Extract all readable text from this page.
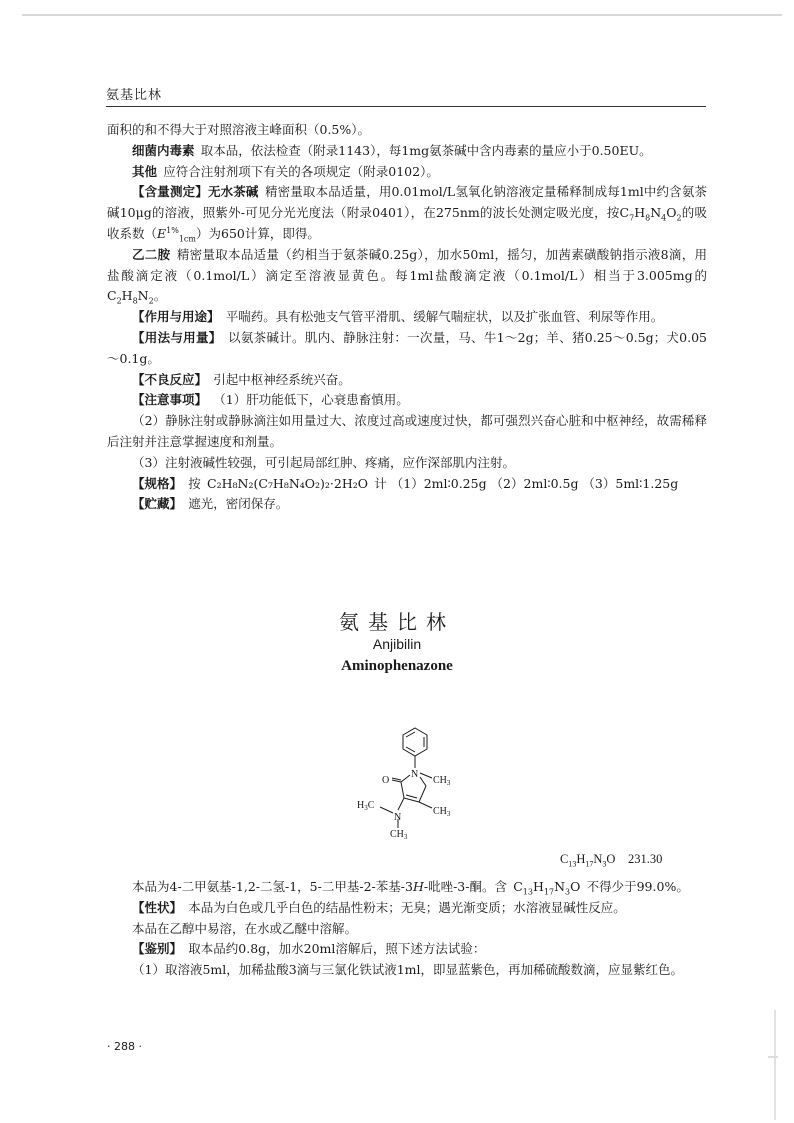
氨基比林

面积的和不得大于对照溶液主峰面积（0.5%）。

细菌内毒素  取本品，依法检查（附录1143），每1mg氨茶碱中含内毒素的量应小于0.50EU。

其他  应符合注射剂项下有关的各项规定（附录0102）。

【含量测定】无水茶碱  精密量取本品适量，用0.01mol/L氢氧化钠溶液定量稀释制成每1ml中约含氨茶碱10μg的溶液，照紫外-可见分光光度法（附录0401），在275nm的波长处测定吸光度，按$C_7H_8N_4O_2$的吸收系数$(E^{1\%}_{1cm})$为650计算，即得。

乙二胺  精密量取本品适量（约相当于氨茶碱0.25g），加水50ml，摇匀，加茜素磺酸钠指示液8滴，用盐酸滴定液（0.1mol/L）滴定至溶液显黄色。每1ml盐酸滴定液（0.1mol/L）相当于3.005mg的$C_2H_8N_2$。

【作用与用途】  平喘药。具有松弛支气管平滑肌、缓解气喘症状，以及扩张血管、利尿等作用。

【用法与用量】  以氨茶碱计。肌内、静脉注射：一次量，马、牛1～2g；羊、猪0.25～0.5g；犬0.05～0.1g。

【不良反应】  引起中枢神经系统兴奋。

【注意事项】  （1）肝功能低下，心衰患畜慎用。

（2）静脉注射或静脉滴注如用量过大、浓度过高或速度过快，都可强烈兴奋心脏和中枢神经，故需稀释后注射并注意掌握速度和剂量。

（3）注射液碱性较强，可引起局部红肿、疼痛，应作深部肌内注射。

【规格】  按  C₂H₈N₂(C₇H₈N₄O₂)₂·2H₂O  计 （1）2ml∶0.25g （2）2ml∶0.5g （3）5ml∶1.25g

【贮藏】  遮光，密闭保存。

氨基比林
Anjibilin
Aminophenazone
O
N
$CH_3$
$CH_3$
$H_3C$
N
$CH_3$
$C_{13}H_{17}N_3O$  231.30

本品为4-二甲氨基-1,2-二氢-1，5-二甲基-2-苯基-3H-吡唑-3-酮。含  $C_{13}H_{17}N_3O$  不得少于99.0%。

【性状】  本品为白色或几乎白色的结晶性粉末；无臭；遇光渐变质；水溶液显碱性反应。

本品在乙醇中易溶，在水或乙醚中溶解。

【鉴别】  取本品约0.8g，加水20ml溶解后，照下述方法试验：

（1）取溶液5ml，加稀盐酸3滴与三氯化铁试液1ml，即显蓝紫色，再加稀硫酸数滴，应显紫红色。

· 288 ·
